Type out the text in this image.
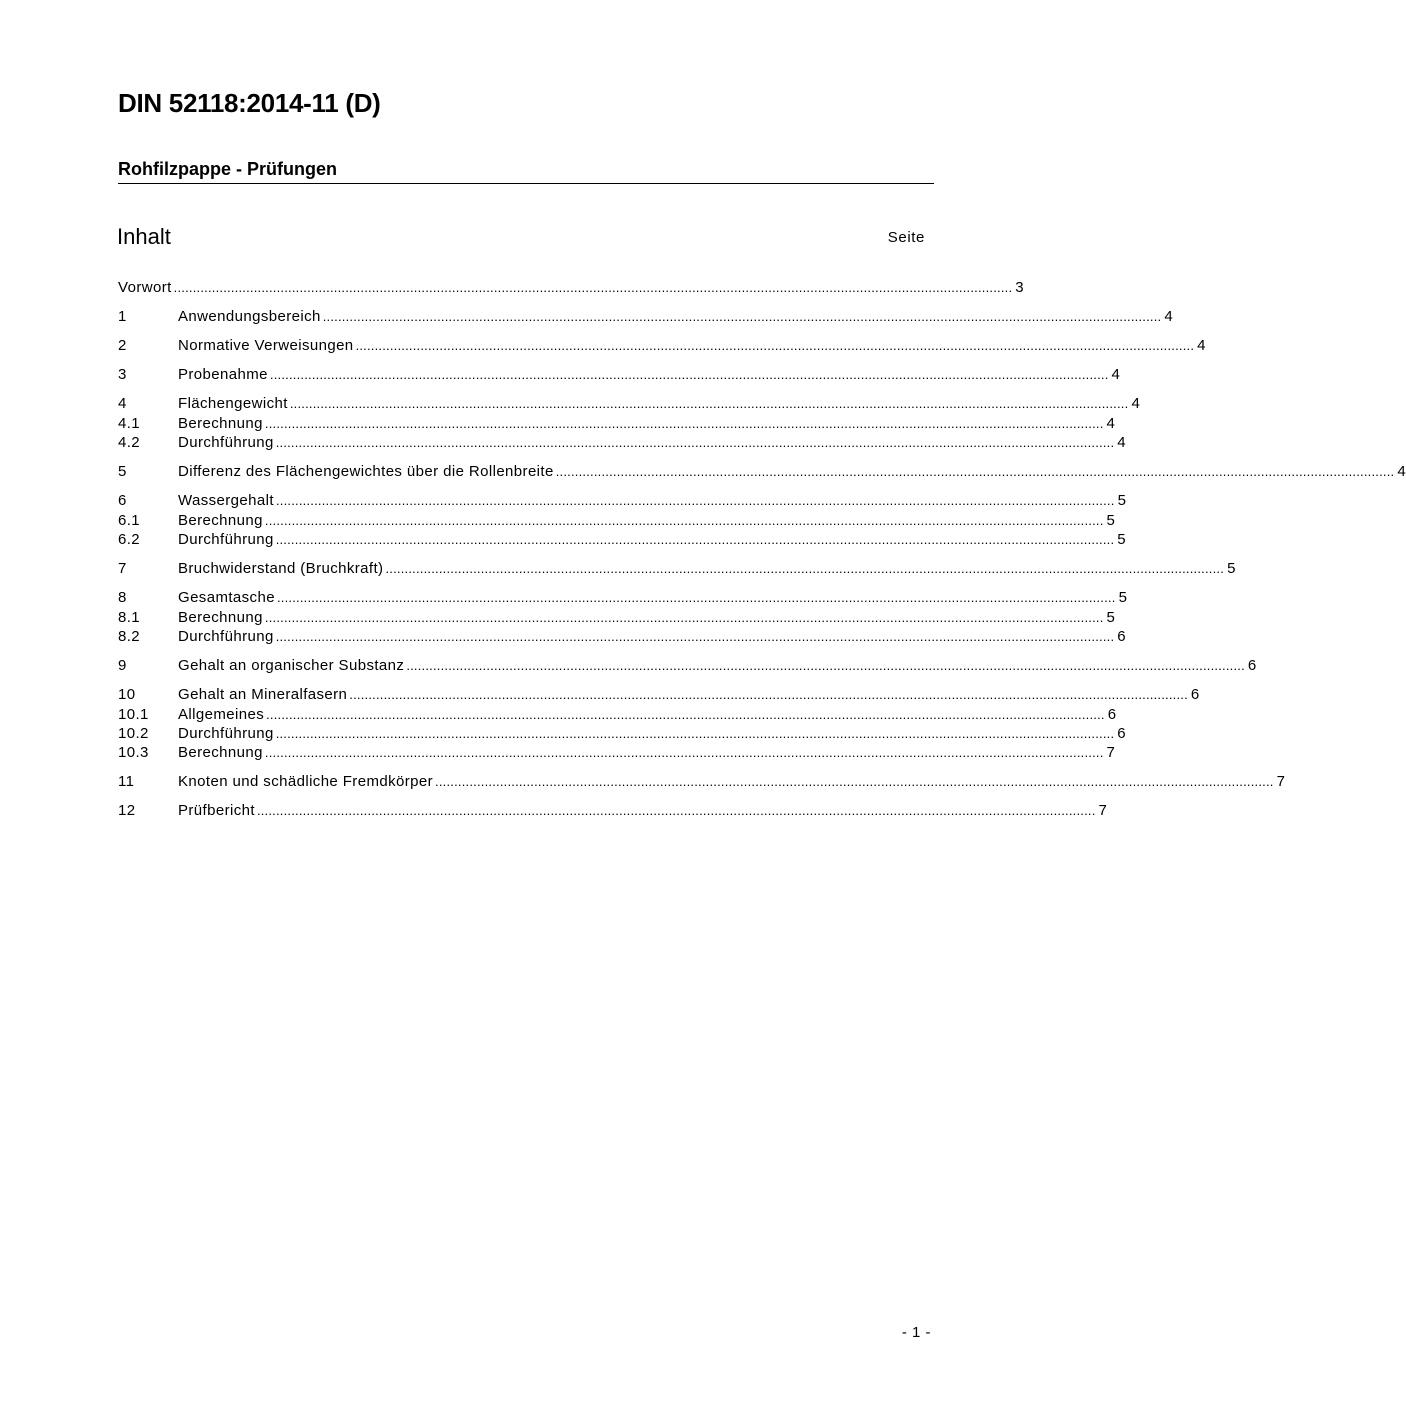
DIN 52118:2014-11 (D)
Rohfilzpappe - Prüfungen
Inhalt	Seite
Vorwort ............................................................................................................................................................................................................................ 3
1	Anwendungsbereich ............................................................................................................................................................................................................................ 4
2	Normative Verweisungen ............................................................................................................................................................................................................................ 4
3	Probenahme ............................................................................................................................................................................................................................ 4
4	Flächengewicht ............................................................................................................................................................................................................................ 4
4.1	Berechnung ............................................................................................................................................................................................................................ 4
4.2	Durchführung ............................................................................................................................................................................................................................ 4
5	Differenz des Flächengewichtes über die Rollenbreite ............................................................................................................................................................................................................................ 4
6	Wassergehalt ............................................................................................................................................................................................................................ 5
6.1	Berechnung ............................................................................................................................................................................................................................ 5
6.2	Durchführung ............................................................................................................................................................................................................................ 5
7	Bruchwiderstand (Bruchkraft) ............................................................................................................................................................................................................................ 5
8	Gesamtasche ............................................................................................................................................................................................................................ 5
8.1	Berechnung ............................................................................................................................................................................................................................ 5
8.2	Durchführung ............................................................................................................................................................................................................................ 6
9	Gehalt an organischer Substanz ............................................................................................................................................................................................................................ 6
10	Gehalt an Mineralfasern ............................................................................................................................................................................................................................ 6
10.1	Allgemeines ............................................................................................................................................................................................................................ 6
10.2	Durchführung ............................................................................................................................................................................................................................ 6
10.3	Berechnung ............................................................................................................................................................................................................................ 7
11	Knoten und schädliche Fremdkörper ............................................................................................................................................................................................................................ 7
12	Prüfbericht ............................................................................................................................................................................................................................ 7
- 1 -
